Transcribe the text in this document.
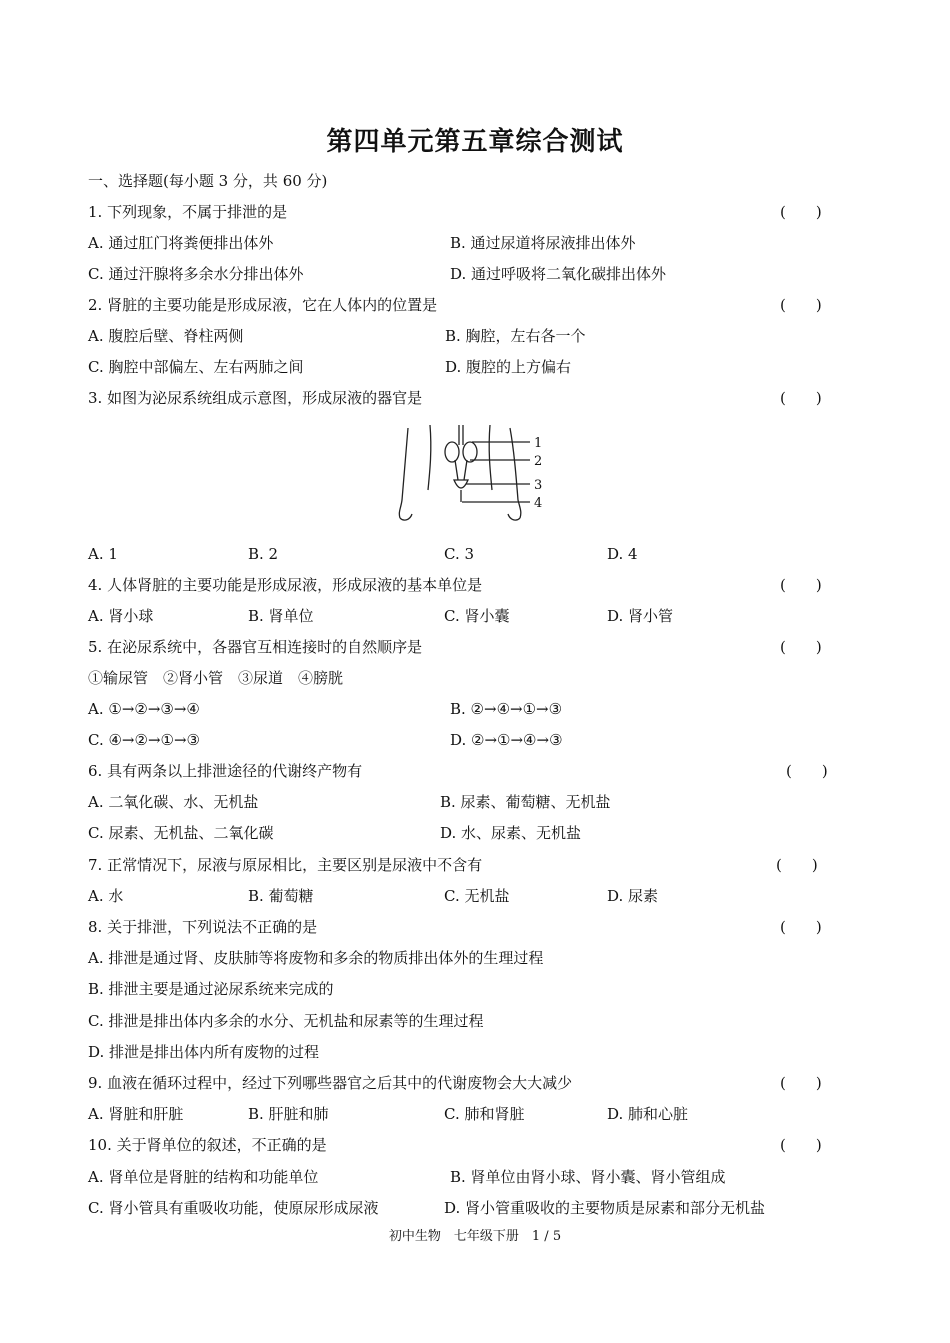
第四单元第五章综合测试
一、选择题(每小题 3 分，共 60 分)
1. 下列现象，不属于排泄的是	(　　)
A. 通过肛门将粪便排出体外	B. 通过尿道将尿液排出体外
C. 通过汗腺将多余水分排出体外	D. 通过呼吸将二氧化碳排出体外
2. 肾脏的主要功能是形成尿液，它在人体内的位置是	(　　)
A. 腹腔后壁、脊柱两侧	B. 胸腔，左右各一个
C. 胸腔中部偏左、左右两肺之间	D. 腹腔的上方偏右
3. 如图为泌尿系统组成示意图，形成尿液的器官是	(　　)
1
2
3
4
A. 1	B. 2	C. 3	D. 4
4. 人体肾脏的主要功能是形成尿液，形成尿液的基本单位是	(　　)
A. 肾小球	B. 肾单位	C. 肾小囊	D. 肾小管
5. 在泌尿系统中，各器官互相连接时的自然顺序是	(　　)
①输尿管　②肾小管　③尿道　④膀胱
A. ①→②→③→④	B. ②→④→①→③
C. ④→②→①→③	D. ②→①→④→③
6. 具有两条以上排泄途径的代谢终产物有	(　　)
A. 二氧化碳、水、无机盐	B. 尿素、葡萄糖、无机盐
C. 尿素、无机盐、二氧化碳	D. 水、尿素、无机盐
7. 正常情况下，尿液与原尿相比，主要区别是尿液中不含有	(　　)
A. 水	B. 葡萄糖	C. 无机盐	D. 尿素
8. 关于排泄，下列说法不正确的是	(　　)
A. 排泄是通过肾、皮肤肺等将废物和多余的物质排出体外的生理过程
B. 排泄主要是通过泌尿系统来完成的
C. 排泄是排出体内多余的水分、无机盐和尿素等的生理过程
D. 排泄是排出体内所有废物的过程
9. 血液在循环过程中，经过下列哪些器官之后其中的代谢废物会大大减少	(　　)
A. 肾脏和肝脏	B. 肝脏和肺	C. 肺和肾脏	D. 肺和心脏
10. 关于肾单位的叙述，不正确的是	(　　)
A. 肾单位是肾脏的结构和功能单位	B. 肾单位由肾小球、肾小囊、肾小管组成
C. 肾小管具有重吸收功能，使原尿形成尿液	D. 肾小管重吸收的主要物质是尿素和部分无机盐
初中生物　七年级下册　1 / 5
